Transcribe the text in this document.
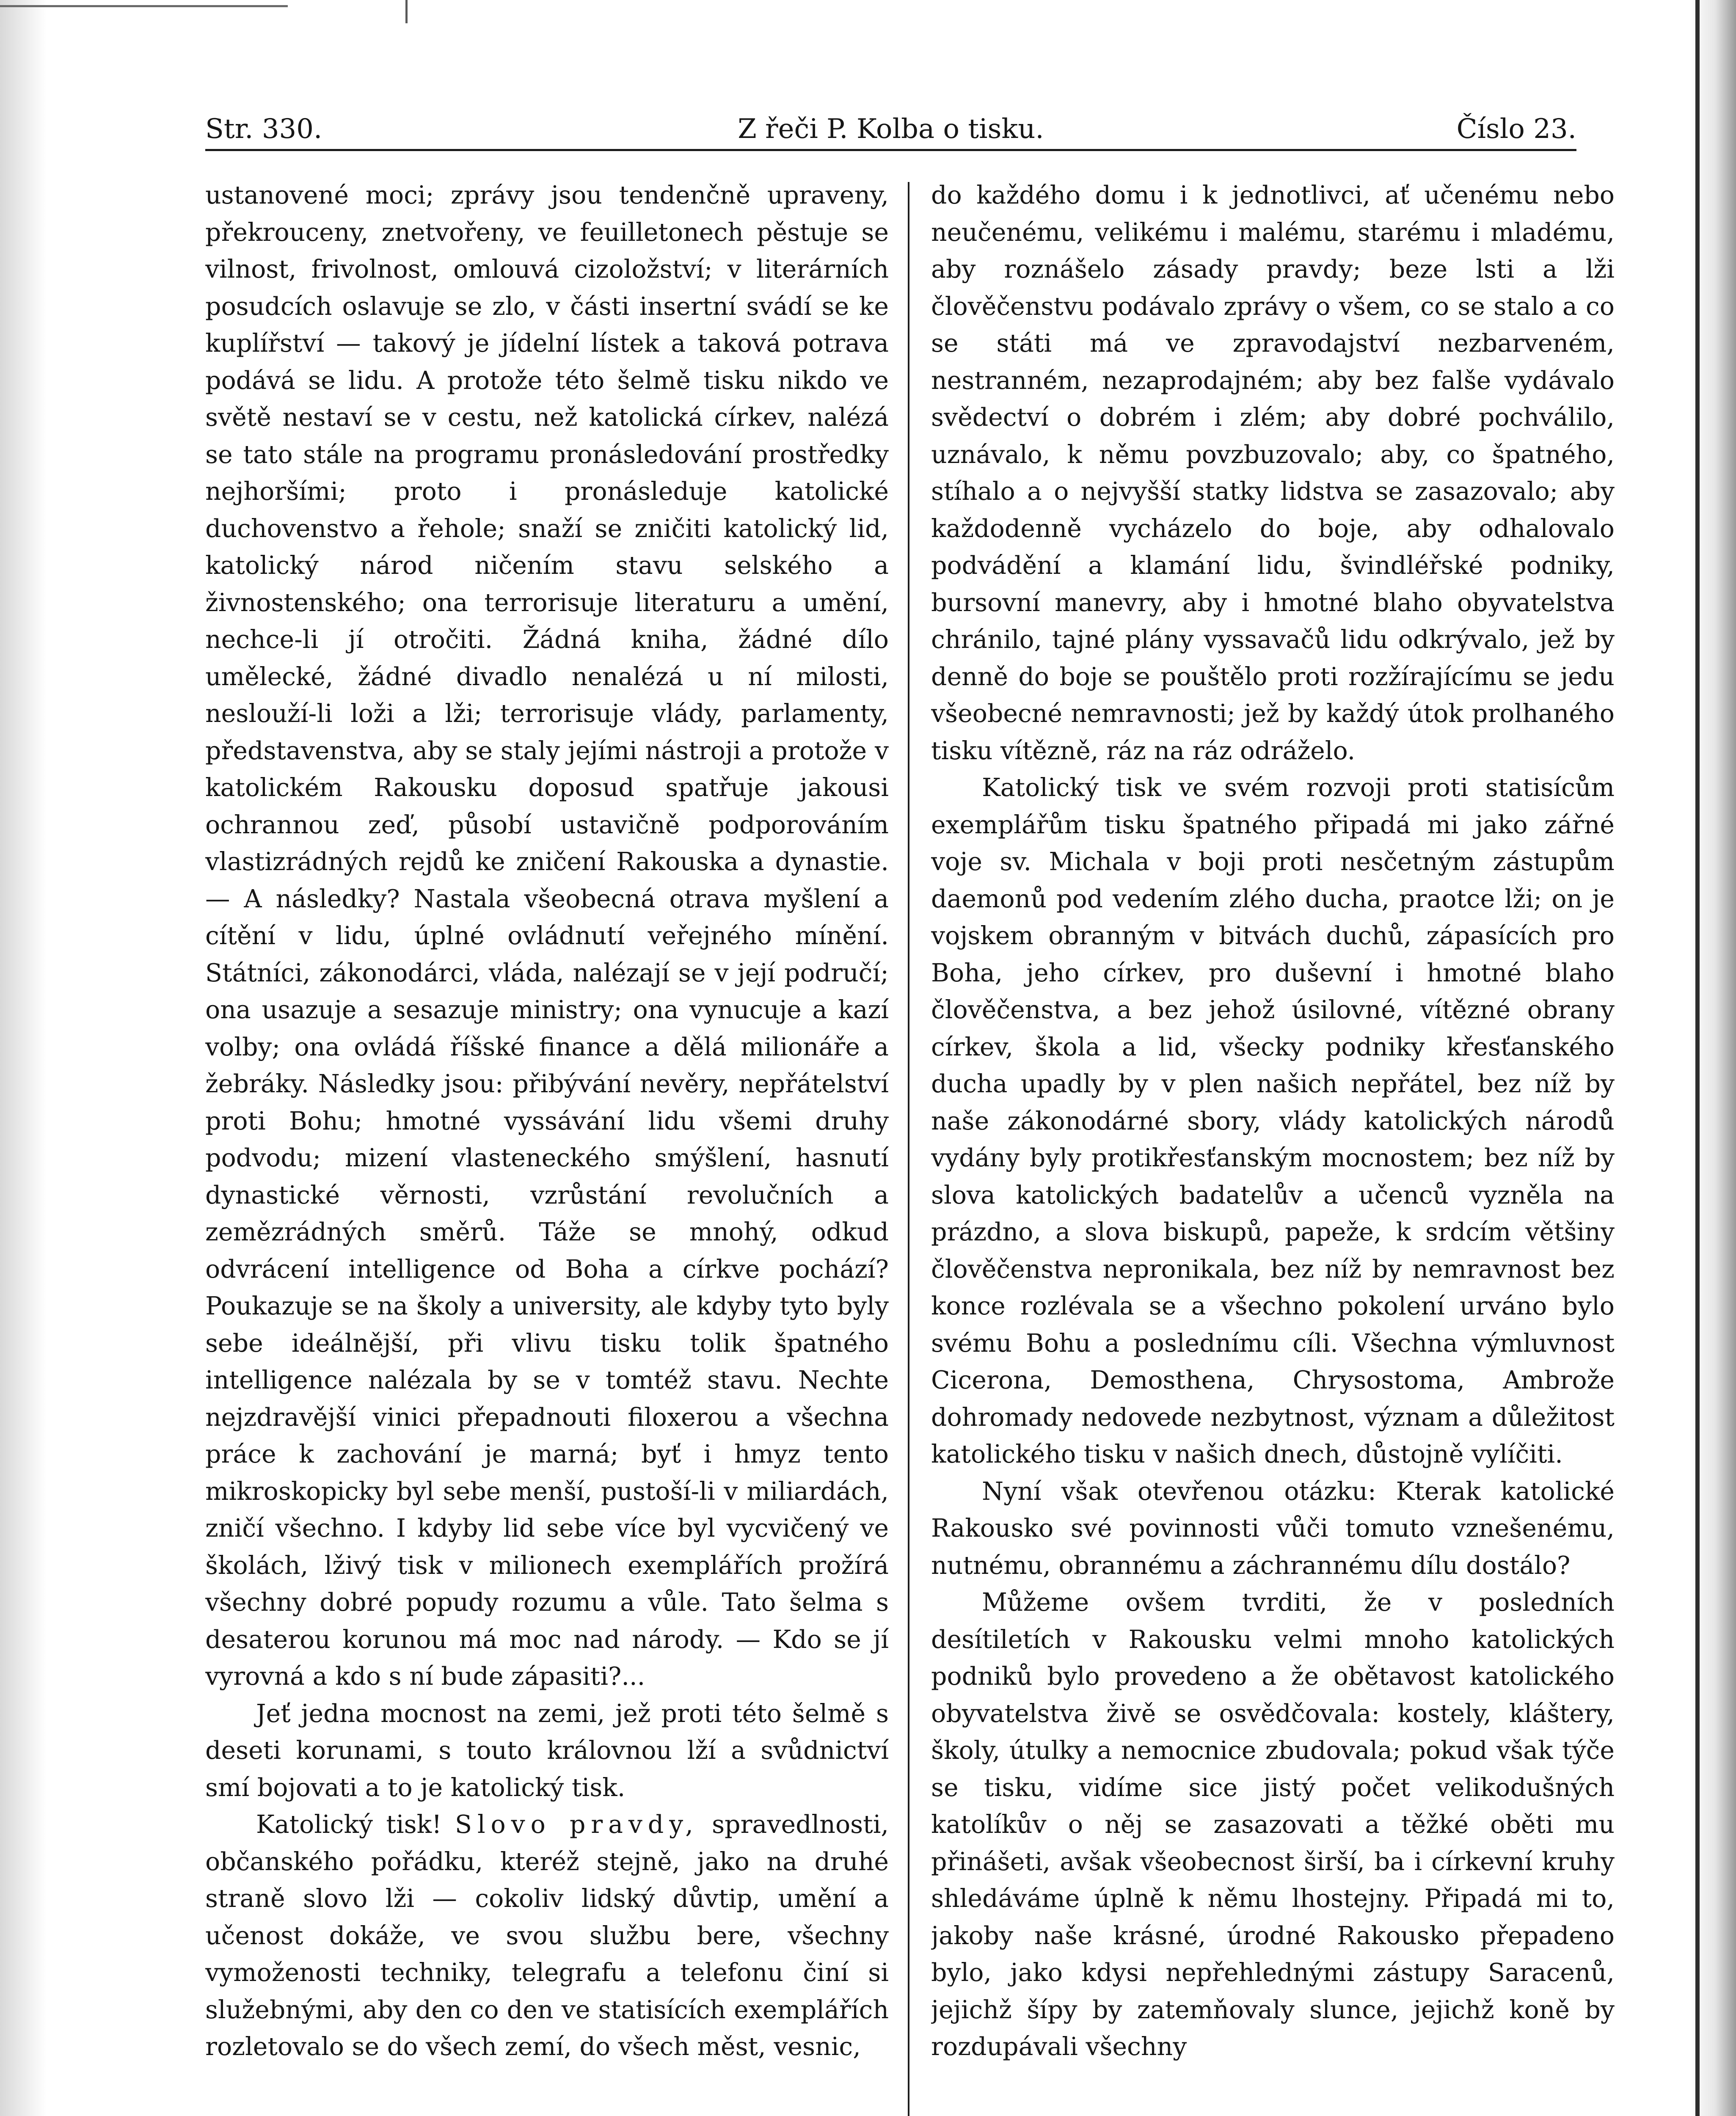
Z řeči P. Kolba o tisku.
Str. 330.	Číslo 23.

ustanovené moci; zprávy jsou tendenčně upraveny, překrouceny, znetvořeny, ve feuilletonech pěstuje se vilnost, frivolnost, omlouvá cizoložství; v literárních posudcích oslavuje se zlo, v části insertní svádí se ke kuplířství — takový je jídelní lístek a taková potrava podává se lidu. A protože této šelmě tisku nikdo ve světě nestaví se v cestu, než katolická církev, nalézá se tato stále na programu pronásledování prostředky nejhoršími; proto i pronásleduje katolické duchovenstvo a řehole; snaží se zničiti katolický lid, katolický národ ničením stavu selského a živnostenského; ona terrorisuje literaturu a umění, nechce-li jí otročiti. Žádná kniha, žádné dílo umělecké, žádné divadlo nenalézá u ní milosti, neslouží-li loži a lži; terrorisuje vlády, parlamenty, představenstva, aby se staly jejími nástroji a protože v katolickém Rakousku doposud spatřuje jakousi ochrannou zeď, působí ustavičně podporováním vlastizrádných rejdů ke zničení Rakouska a dynastie. — A následky? Nastala všeobecná otrava myšlení a cítění v lidu, úplné ovládnutí veřejného mínění. Státníci, zákonodárci, vláda, nalézají se v její područí; ona usazuje a sesazuje ministry; ona vynucuje a kazí volby; ona ovládá říšské finance a dělá milionáře a žebráky. Následky jsou: přibývání nevěry, nepřátelství proti Bohu; hmotné vyssávání lidu všemi druhy podvodu; mizení vlasteneckého smýšlení, hasnutí dynastické věrnosti, vzrůstání revolučních a zemězrádných směrů. Táže se mnohý, odkud odvrácení intelligence od Boha a církve pochází? Poukazuje se na školy a university, ale kdyby tyto byly sebe ideálnější, při vlivu tisku tolik špatného intelligence nalézala by se v tomtéž stavu. Nechte nejzdravější vinici přepadnouti filoxerou a všechna práce k zachování je marná; byť i hmyz tento mikroskopicky byl sebe menší, pustoší-li v miliardách, zničí všechno. I kdyby lid sebe více byl vycvičený ve školách, lživý tisk v milionech exemplářích prožírá všechny dobré popudy rozumu a vůle. Tato šelma s desaterou korunou má moc nad národy. — Kdo se jí vyrovná a kdo s ní bude zápasiti?...

Jeť jedna mocnost na zemi, jež proti této šelmě s deseti korunami, s touto královnou lží a svůdnictví smí bojovati a to je katolický tisk.

Katolický tisk! Slovo pravdy, spravedlnosti, občanského pořádku, kteréž stejně, jako na druhé straně slovo lži — cokoliv lidský důvtip, umění a učenost dokáže, ve svou službu bere, všechny vymoženosti techniky, telegrafu a telefonu činí si služebnými, aby den co den ve statisících exemplářích rozletovalo se do všech zemí, do všech měst, vesnic,

do každého domu i k jednotlivci, ať učenému nebo neučenému, velikému i malému, starému i mladému, aby roznášelo zásady pravdy; beze lsti a lži člověčenstvu podávalo zprávy o všem, co se stalo a co se státi má ve zpravodajství nezbarveném, nestranném, nezaprodajném; aby bez falše vydávalo svědectví o dobrém i zlém; aby dobré pochválilo, uznávalo, k němu povzbuzovalo; aby, co špatného, stíhalo a o nejvyšší statky lidstva se zasazovalo; aby každodenně vycházelo do boje, aby odhalovalo podvádění a klamání lidu, švindléřské podniky, bursovní manevry, aby i hmotné blaho obyvatelstva chránilo, tajné plány vyssavačů lidu odkrývalo, jež by denně do boje se pouštělo proti rozžírajícímu se jedu všeobecné nemravnosti; jež by každý útok prolhaného tisku vítězně, ráz na ráz odráželo.

Katolický tisk ve svém rozvoji proti statisícům exemplářům tisku špatného připadá mi jako zářné voje sv. Michala v boji proti nesčetným zástupům daemonů pod vedením zlého ducha, praotce lži; on je vojskem obranným v bitvách duchů, zápasících pro Boha, jeho církev, pro duševní i hmotné blaho člověčenstva, a bez jehož úsilovné, vítězné obrany církev, škola a lid, všecky podniky křesťanského ducha upadly by v plen našich nepřátel, bez níž by naše zákonodárné sbory, vlády katolických národů vydány byly protikřesťanským mocnostem; bez níž by slova katolických badatelův a učenců vyzněla na prázdno, a slova biskupů, papeže, k srdcím většiny člověčenstva nepronikala, bez níž by nemravnost bez konce rozlévala se a všechno pokolení urváno bylo svému Bohu a poslednímu cíli. Všechna výmluvnost Cicerona, Demosthena, Chrysostoma, Ambrože dohromady nedovede nezbytnost, význam a důležitost katolického tisku v našich dnech, důstojně vylíčiti.

Nyní však otevřenou otázku: Kterak katolické Rakousko své povinnosti vůči tomuto vznešenému, nutnému, obrannému a záchrannému dílu dostálo?

Můžeme ovšem tvrditi, že v posledních desítiletích v Rakousku velmi mnoho katolických podniků bylo provedeno a že obětavost katolického obyvatelstva živě se osvědčovala: kostely, kláštery, školy, útulky a nemocnice zbudovala; pokud však týče se tisku, vidíme sice jistý počet velikodušných katolíkův o něj se zasazovati a těžké oběti mu přinášeti, avšak všeobecnost širší, ba i církevní kruhy shledáváme úplně k němu lhostejny. Připadá mi to, jakoby naše krásné, úrodné Rakousko přepadeno bylo, jako kdysi nepřehlednými zástupy Saracenů, jejichž šípy by zatemňovaly slunce, jejichž koně by rozdupávali všechny
